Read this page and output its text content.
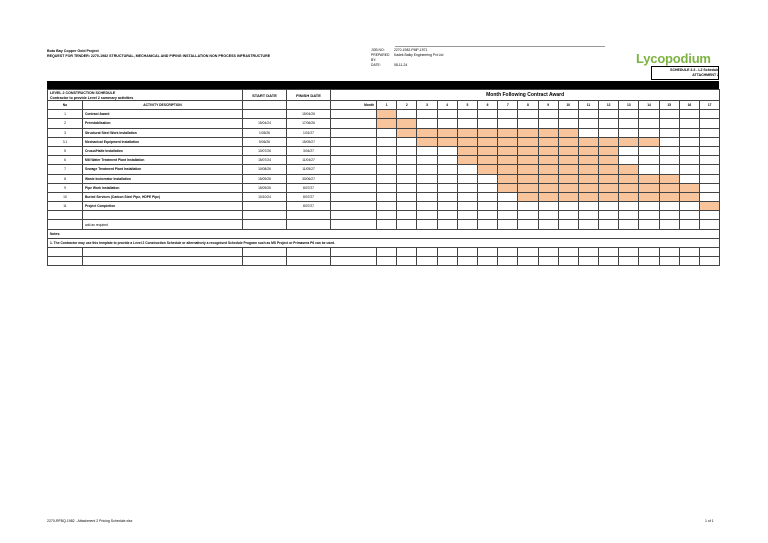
Boto Bay Copper Gold Project
REQUEST FOR TENDER: 2270-1982 STRUCTURAL, MECHANICAL AND PIPING INSTALLATION NON PROCESS INFRASTRUCTURE
JOB NO:	2270-1982-PMP-1971
PREPARED BY:
Kadek Balky Engineering Pvt Ltd
DATE:	08-11-24	Lycopodium
SCHEDULE 3.3 - L2 Schedule
ATTACHMENT 2
LEVEL 2 CONSTRUCTION SCHEDULE
Contractor to provide Level 2 summary activities		START DATE	FINISH DATE	Month Following Contract Award																	

No	ACTIVITY DESCRIPTION			Month	1	2	3	4	5	6	7	8	9	10	11	12	13	14	15	16	17
1	Contract Award		15/04/26																		
2	Preestablisation	15/04/24	17/06/26																		
3	Structural Steel Work Installation	1/05/26	1/01/27																		
3.1	Mechanical Equipment Installation	5/06/26	15/05/27																		
5	Crusoi/Haite Installation	10/07/26	3/04/27																		
6	Mill Water Treatment Plant Installation	15/07/24	11/04/27																		
7	Sewage Treatment Plant Installation	10/08/26	11/05/27																		
8	Waste Incinerator Installation	15/09/26	30/06/27																		
9	Pipe Work Installation	15/09/26	8/07/27																		
10	Buried Services (Carbon Steel Pipe, HDPE Pipe)	10/10/24	8/07/27																		
11	Project Completion		8/07/27																		

	add as required																				
Notes:																					
1. The Contractor may use this template to provide a Level 2 Construction Schedule or alternatively a recognised Schedule Program such as MS Project or Primavera P6 can be used.																					

2270-RFBQ-1982 - Attachment 2 Pricing Schedule.xlsx	1 of 1
